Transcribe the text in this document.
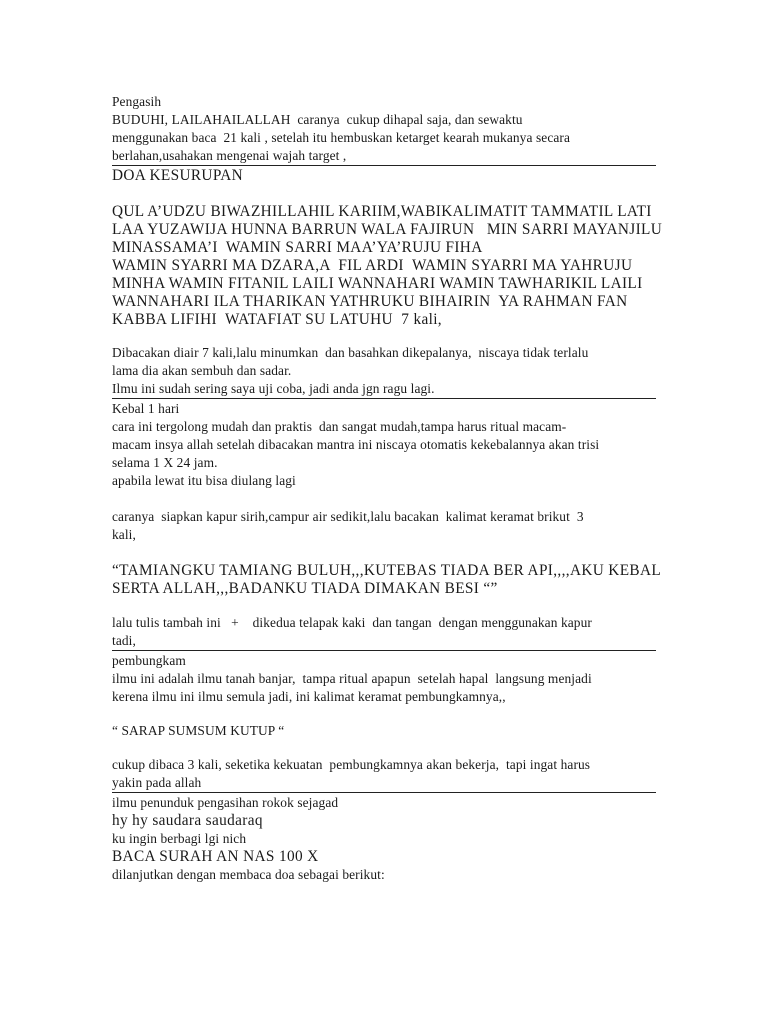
Pengasih
BUDUHI, LAILAHAILALLAH  caranya  cukup dihapal saja, dan sewaktu
menggunakan baca  21 kali , setelah itu hembuskan ketarget kearah mukanya secara
berlahan,usahakan mengenai wajah target ,
DOA KESURUPAN
QUL A’UDZU BIWAZHILLAHIL KARIIM,WABIKALIMATIT TAMMATIL LATI
LAA YUZAWIJA HUNNA BARRUN WALA FAJIRUN   MIN SARRI MAYANJILU
MINASSAMA’I  WAMIN SARRI MAA’YA’RUJU FIHA
WAMIN SYARRI MA DZARA,A  FIL ARDI  WAMIN SYARRI MA YAHRUJU
MINHA WAMIN FITANIL LAILI WANNAHARI WAMIN TAWHARIKIL LAILI
WANNAHARI ILA THARIKAN YATHRUKU BIHAIRIN  YA RAHMAN FAN
KABBA LIFIHI  WATAFIAT SU LATUHU  7 kali,
Dibacakan diair 7 kali,lalu minumkan  dan basahkan dikepalanya,  niscaya tidak terlalu
lama dia akan sembuh dan sadar.
Ilmu ini sudah sering saya uji coba, jadi anda jgn ragu lagi.
Kebal 1 hari
cara ini tergolong mudah dan praktis  dan sangat mudah,tampa harus ritual macam-
macam insya allah setelah dibacakan mantra ini niscaya otomatis kekebalannya akan trisi
selama 1 X 24 jam.
apabila lewat itu bisa diulang lagi
caranya  siapkan kapur sirih,campur air sedikit,lalu bacakan  kalimat keramat brikut  3
kali,
“TAMIANGKU TAMIANG BULUH,,,KUTEBAS TIADA BER API,,,,AKU KEBAL
SERTA ALLAH,,,BADANKU TIADA DIMAKAN BESI “”
lalu tulis tambah ini   +    dikedua telapak kaki  dan tangan  dengan menggunakan kapur
tadi,
pembungkam
ilmu ini adalah ilmu tanah banjar,  tampa ritual apapun  setelah hapal  langsung menjadi
kerena ilmu ini ilmu semula jadi, ini kalimat keramat pembungkamnya,,
“ SARAP SUMSUM KUTUP “
cukup dibaca 3 kali, seketika kekuatan  pembungkamnya akan bekerja,  tapi ingat harus
yakin pada allah
ilmu penunduk pengasihan rokok sejagad
hy hy saudara saudaraq
ku ingin berbagi lgi nich
BACA SURAH AN NAS 100 X
dilanjutkan dengan membaca doa sebagai berikut:
